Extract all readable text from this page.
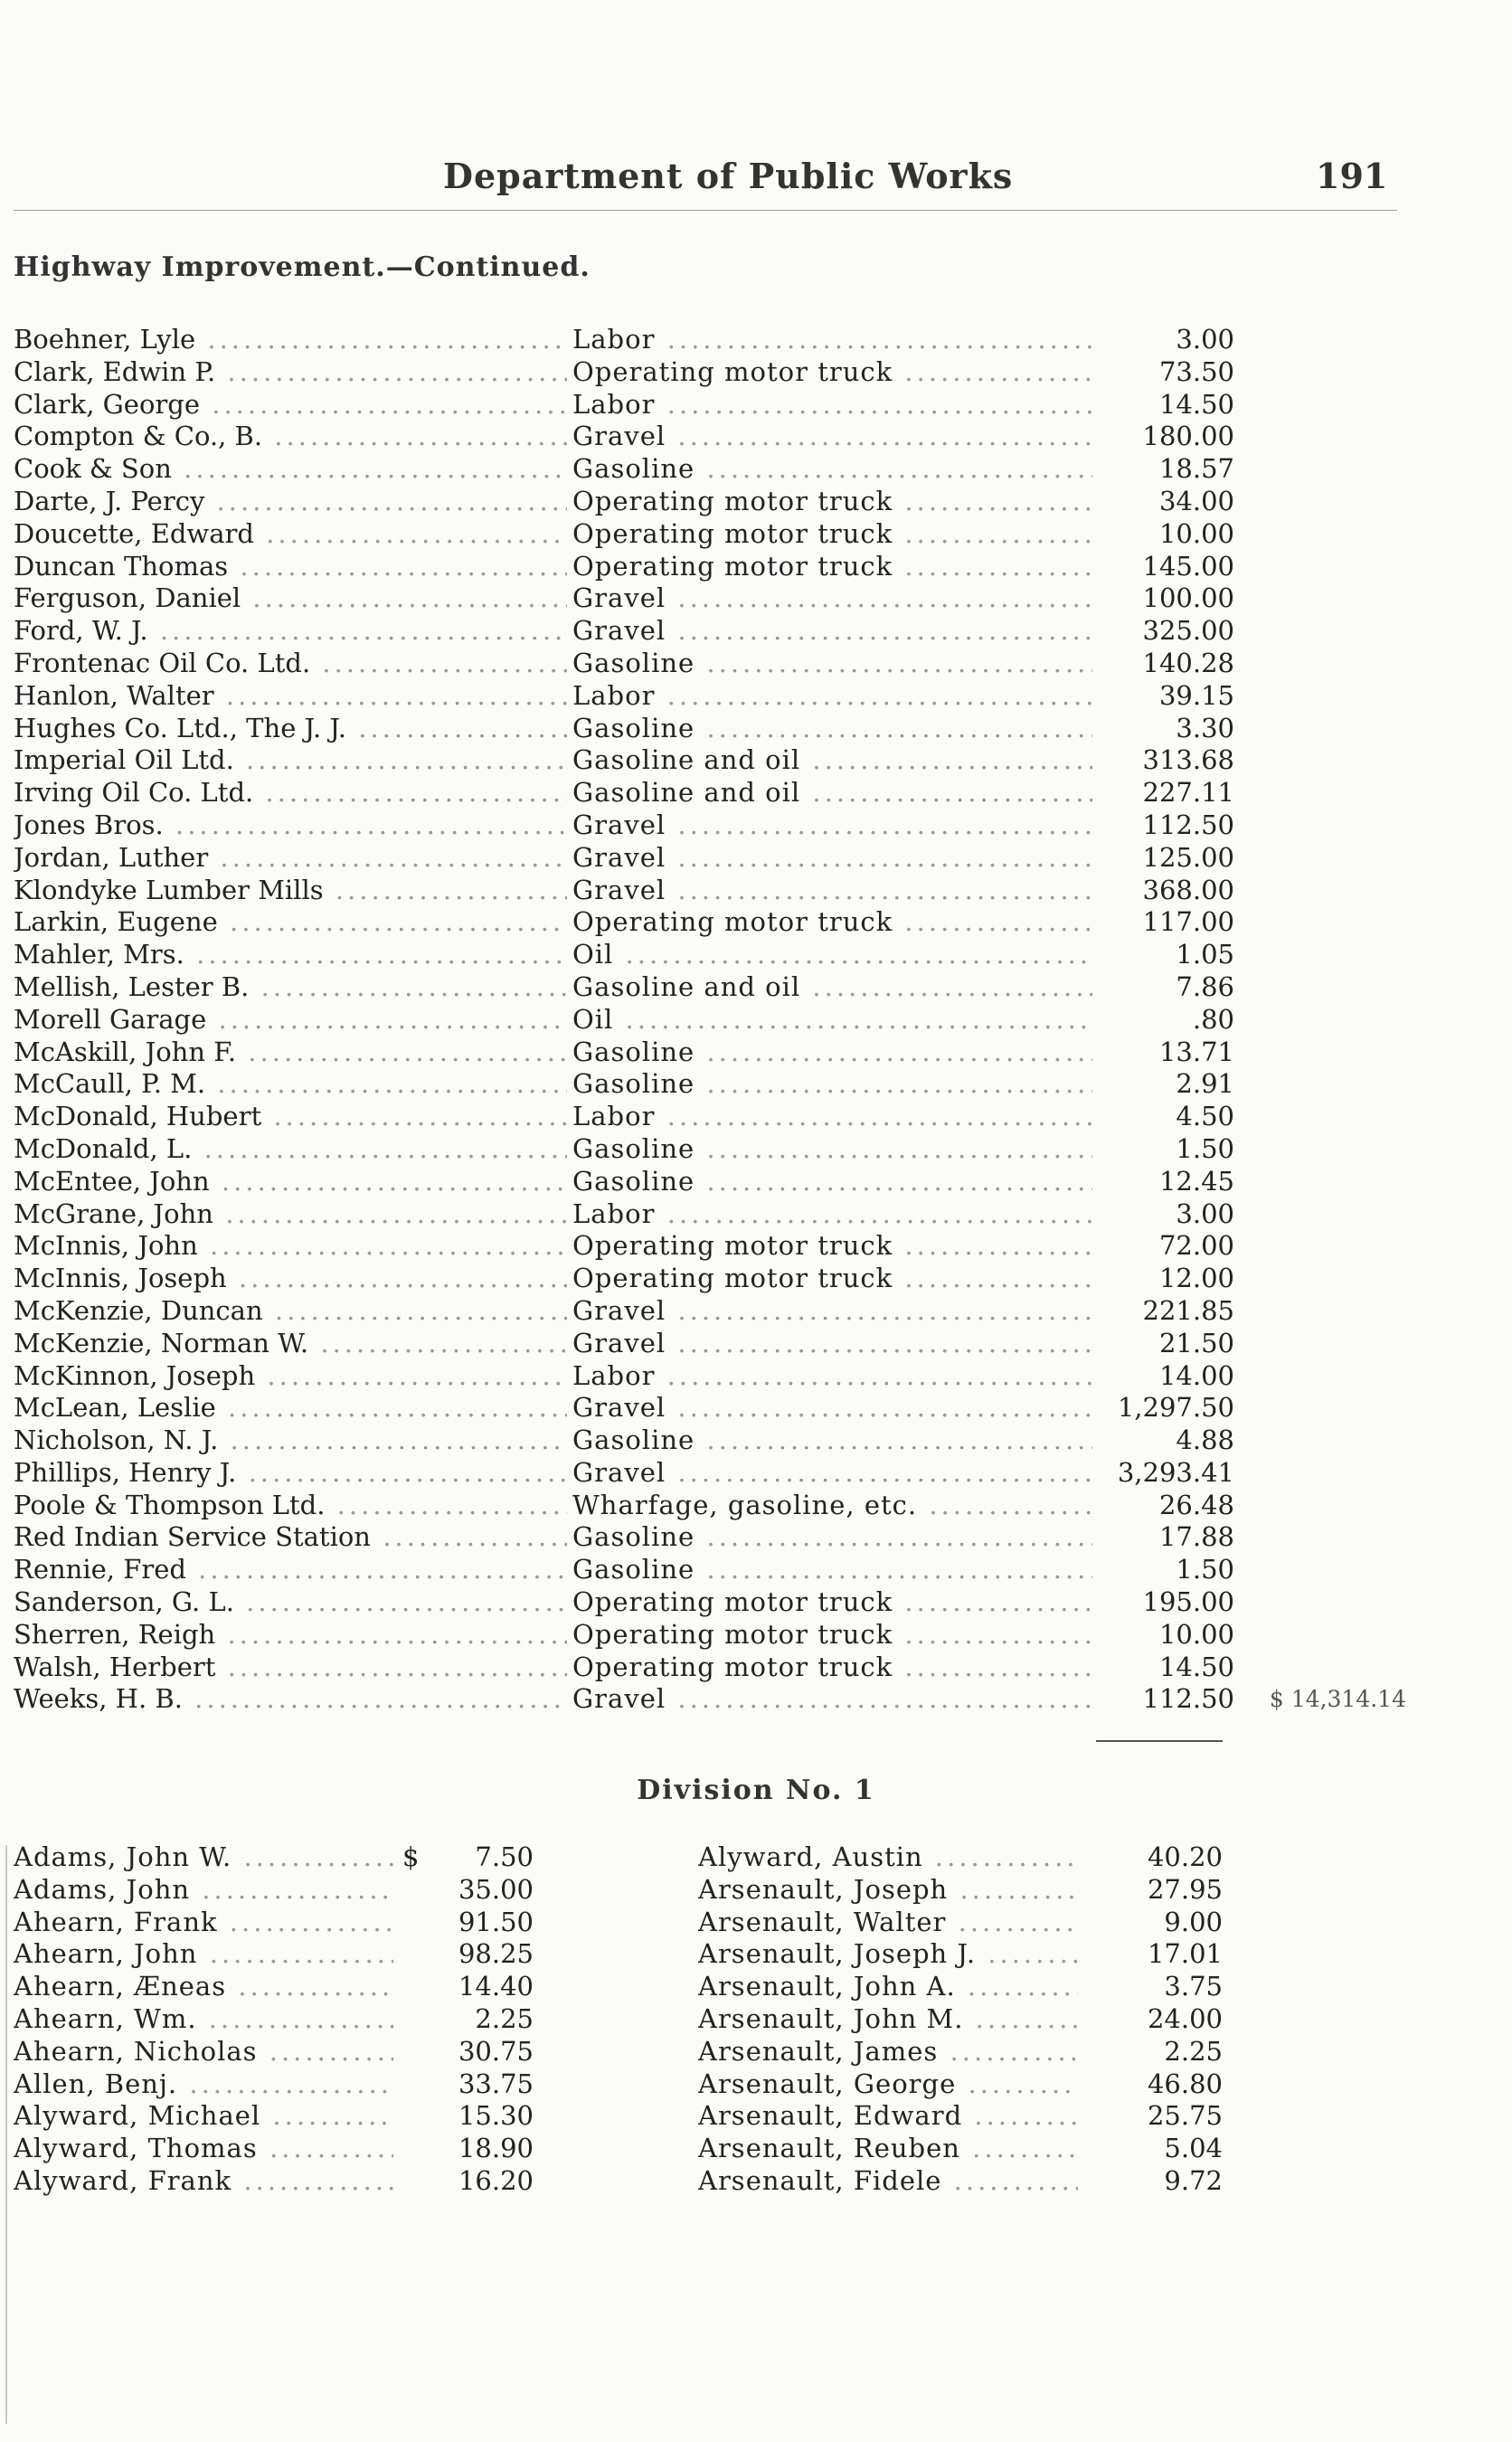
Department of Public Works	191
Highway Improvement.—Continued.
Boehner, Lyle .....	Labor .....	3.00
Clark, Edwin P. .....	Operating motor truck .....	73.50
Clark, George .....	Labor .....	14.50
Compton & Co., B. .....	Gravel .....	180.00
Cook & Son .....	Gasoline .....	18.57
Darte, J. Percy .....	Operating motor truck .....	34.00
Doucette, Edward .....	Operating motor truck .....	10.00
Duncan Thomas .....	Operating motor truck .....	145.00
Ferguson, Daniel .....	Gravel .....	100.00
Ford, W. J. .....	Gravel .....	325.00
Frontenac Oil Co. Ltd. .....	Gasoline .....	140.28
Hanlon, Walter .....	Labor .....	39.15
Hughes Co. Ltd., The J. J. .....	Gasoline .....	3.30
Imperial Oil Ltd. .....	Gasoline and oil .....	313.68
Irving Oil Co. Ltd. .....	Gasoline and oil .....	227.11
Jones Bros. .....	Gravel .....	112.50
Jordan, Luther .....	Gravel .....	125.00
Klondyke Lumber Mills .....	Gravel .....	368.00
Larkin, Eugene .....	Operating motor truck .....	117.00
Mahler, Mrs. .....	Oil .....	1.05
Mellish, Lester B. .....	Gasoline and oil .....	7.86
Morell Garage .....	Oil .....	.80
McAskill, John F. .....	Gasoline .....	13.71
McCaull, P. M. .....	Gasoline .....	2.91
McDonald, Hubert .....	Labor .....	4.50
McDonald, L. .....	Gasoline .....	1.50
McEntee, John .....	Gasoline .....	12.45
McGrane, John .....	Labor .....	3.00
McInnis, John .....	Operating motor truck .....	72.00
McInnis, Joseph .....	Operating motor truck .....	12.00
McKenzie, Duncan .....	Gravel .....	221.85
McKenzie, Norman W. .....	Gravel .....	21.50
McKinnon, Joseph .....	Labor .....	14.00
McLean, Leslie .....	Gravel .....	1,297.50
Nicholson, N. J. .....	Gasoline .....	4.88
Phillips, Henry J. .....	Gravel .....	3,293.41
Poole & Thompson Ltd. .....	Wharfage, gasoline, etc. .....	26.48
Red Indian Service Station .....	Gasoline .....	17.88
Rennie, Fred .....	Gasoline .....	1.50
Sanderson, G. L. .....	Operating motor truck .....	195.00
Sherren, Reigh .....	Operating motor truck .....	10.00
Walsh, Herbert .....	Operating motor truck .....	14.50
Weeks, H. B. .....	Gravel .....	112.50	$ 14,314.14
Division No. 1
Adams, John W. .....	$	7.50
Adams, John .....	35.00
Ahearn, Frank .....	91.50
Ahearn, John .....	98.25
Ahearn, Æneas .....	14.40
Ahearn, Wm. .....	2.25
Ahearn, Nicholas .....	30.75
Allen, Benj. .....	33.75
Alyward, Michael .....	15.30
Alyward, Thomas .....	18.90
Alyward, Frank .....	16.20
Alyward, Austin .....	40.20
Arsenault, Joseph .....	27.95
Arsenault, Walter .....	9.00
Arsenault, Joseph J. .....	17.01
Arsenault, John A. .....	3.75
Arsenault, John M. .....	24.00
Arsenault, James .....	2.25
Arsenault, George .....	46.80
Arsenault, Edward .....	25.75
Arsenault, Reuben .....	5.04
Arsenault, Fidele .....	9.72
